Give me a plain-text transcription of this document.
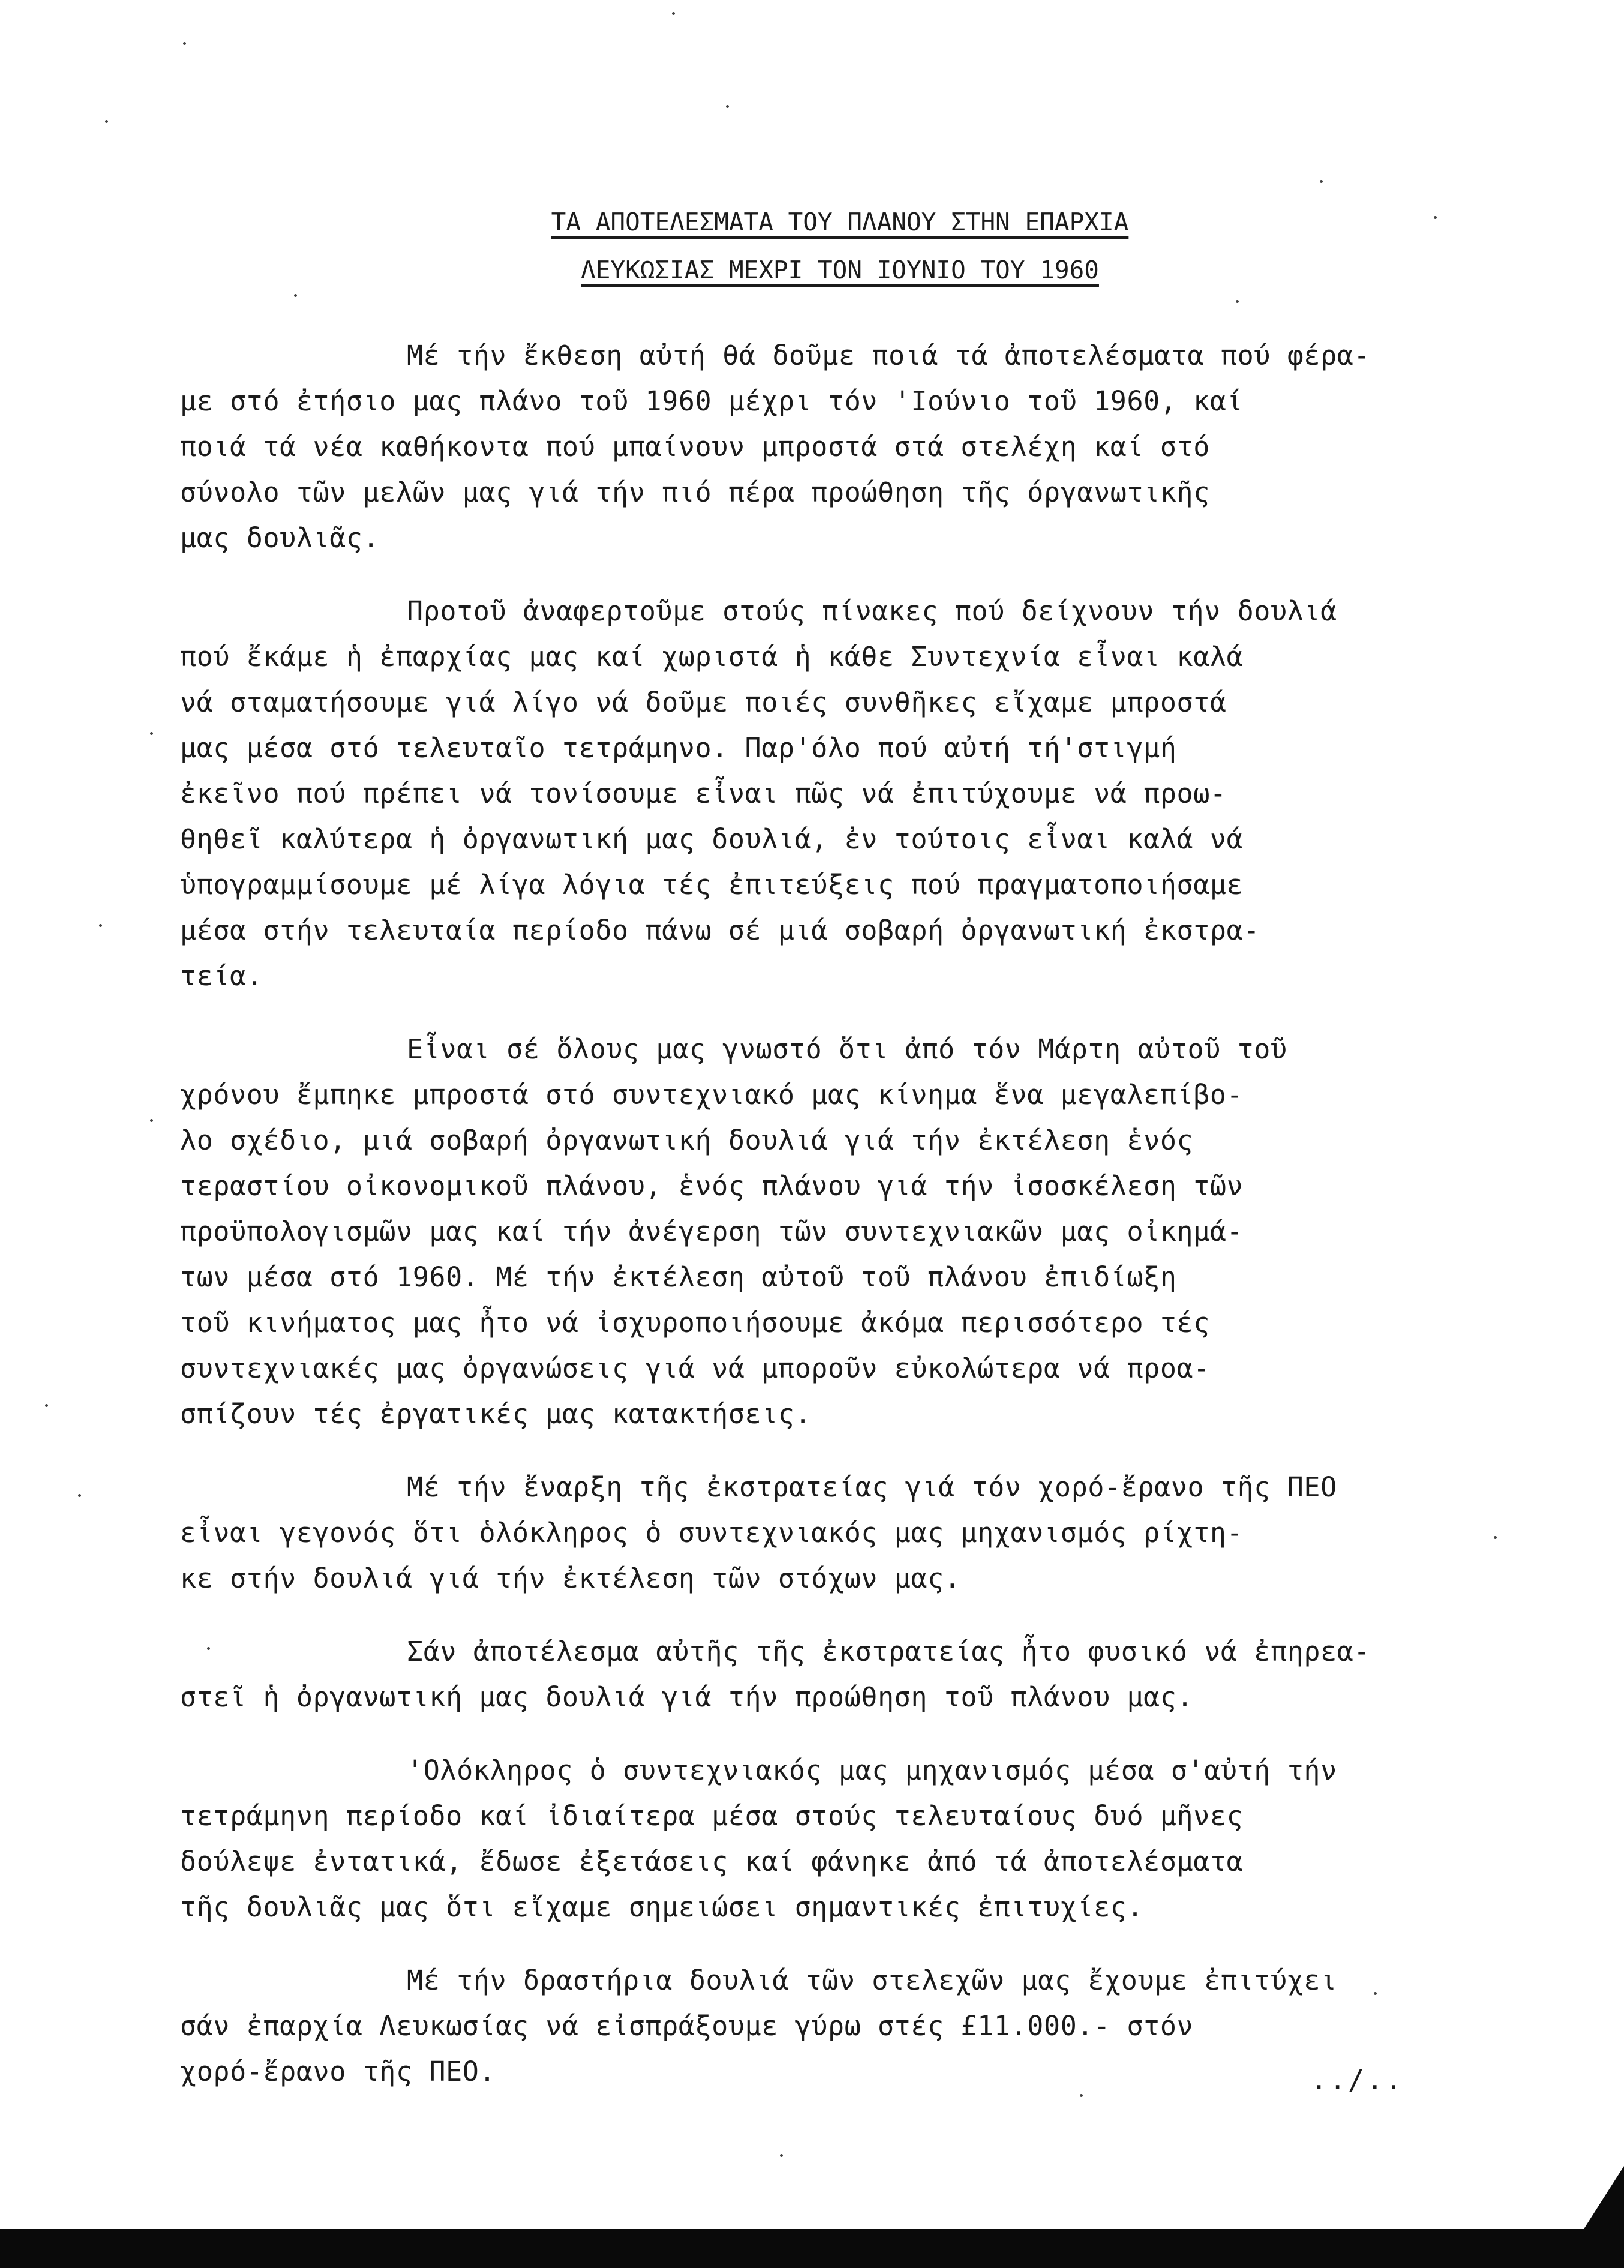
ΤΑ ΑΠΟΤΕΛΕΣΜΑΤΑ ΤΟΥ ΠΛΑΝΟΥ ΣΤΗΝ ΕΠΑΡΧΙΑ
ΛΕΥΚΩΣΙΑΣ ΜΕΧΡΙ ΤΟΝ ΙΟΥΝΙΟ ΤΟΥ 1960
Μέ τήν ἔκθεση αὐτή θά δοῦμε ποιά τά ἀποτελέσματα πού φέρα-
με στό ἐτήσιο μας πλάνο τοῦ 1960 μέχρι τόν 'Ιούνιο τοῦ 1960, καί
ποιά τά νέα καθήκοντα πού μπαίνουν μπροστά στά στελέχη καί στό
σύνολο τῶν μελῶν μας γιά τήν πιό πέρα προώθηση τῆς όργανωτικῆς
μας δουλιᾶς.
Προτοῦ ἀναφερτοῦμε στούς πίνακες πού δείχνουν τήν δουλιά
πού ἔκάμε ἡ ἐπαρχίας μας καί χωριστά ἡ κάθε Συντεχνία εἶναι καλά
νά σταματήσουμε γιά λίγο νά δοῦμε ποιές συνθῆκες εἴχαμε μπροστά
μας μέσα στό τελευταῖο τετράμηνο. Παρ'όλο πού αὐτή τή'στιγμή
ἐκεῖνο πού πρέπει νά τονίσουμε εἶναι πῶς νά ἐπιτύχουμε νά προω-
θηθεῖ καλύτερα ἡ ὀργανωτική μας δουλιά, ἐν τούτοις εἶναι καλά νά
ὑπογραμμίσουμε μέ λίγα λόγια τές ἐπιτεύξεις πού πραγματοποιήσαμε
μέσα στήν τελευταία περίοδο πάνω σέ μιά σοβαρή ὀργανωτική ἐκστρα-
τεία.
Εἶναι σέ ὅλους μας γνωστό ὅτι ἀπό τόν Μάρτη αὐτοῦ τοῦ
χρόνου ἔμπηκε μπροστά στό συντεχνιακό μας κίνημα ἕνα μεγαλεπίβο-
λο σχέδιο, μιά σοβαρή ὀργανωτική δουλιά γιά τήν ἐκτέλεση ἑνός
τεραστίου οἰκονομικοῦ πλάνου, ἑνός πλάνου γιά τήν ἰσοσκέλεση τῶν
προϋπολογισμῶν μας καί τήν ἀνέγερση τῶν συντεχνιακῶν μας οἰκημά-
των μέσα στό 1960. Μέ τήν ἐκτέλεση αὐτοῦ τοῦ πλάνου ἐπιδίωξη
τοῦ κινήματος μας ἦτο νά ἰσχυροποιήσουμε ἀκόμα περισσότερο τές
συντεχνιακές μας ὀργανώσεις γιά νά μποροῦν εὐκολώτερα νά προα-
σπίζουν τές ἐργατικές μας κατακτήσεις.
Μέ τήν ἔναρξη τῆς ἐκστρατείας γιά τόν χορό-ἔρανο τῆς ΠΕΟ
εἶναι γεγονός ὅτι ὁλόκληρος ὁ συντεχνιακός μας μηχανισμός ρίχτη-
κε στήν δουλιά γιά τήν ἐκτέλεση τῶν στόχων μας.
Σάν ἀποτέλεσμα αὐτῆς τῆς ἐκστρατείας ἦτο φυσικό νά ἐπηρεα-
στεῖ ἡ ὀργανωτική μας δουλιά γιά τήν προώθηση τοῦ πλάνου μας.
'Ολόκληρος ὁ συντεχνιακός μας μηχανισμός μέσα σ'αὐτή τήν
τετράμηνη περίοδο καί ἰδιαίτερα μέσα στούς τελευταίους δυό μῆνες
δούλεψε ἐντατικά, ἔδωσε ἐξετάσεις καί φάνηκε ἀπό τά ἀποτελέσματα
τῆς δουλιᾶς μας ὅτι εἴχαμε σημειώσει σημαντικές ἐπιτυχίες.
Μέ τήν δραστήρια δουλιά τῶν στελεχῶν μας ἔχουμε ἐπιτύχει
σάν ἐπαρχία Λευκωσίας νά εἰσπράξουμε γύρω στές £11.000.- στόν
χορό-ἔρανο τῆς ΠΕΟ.	../..
